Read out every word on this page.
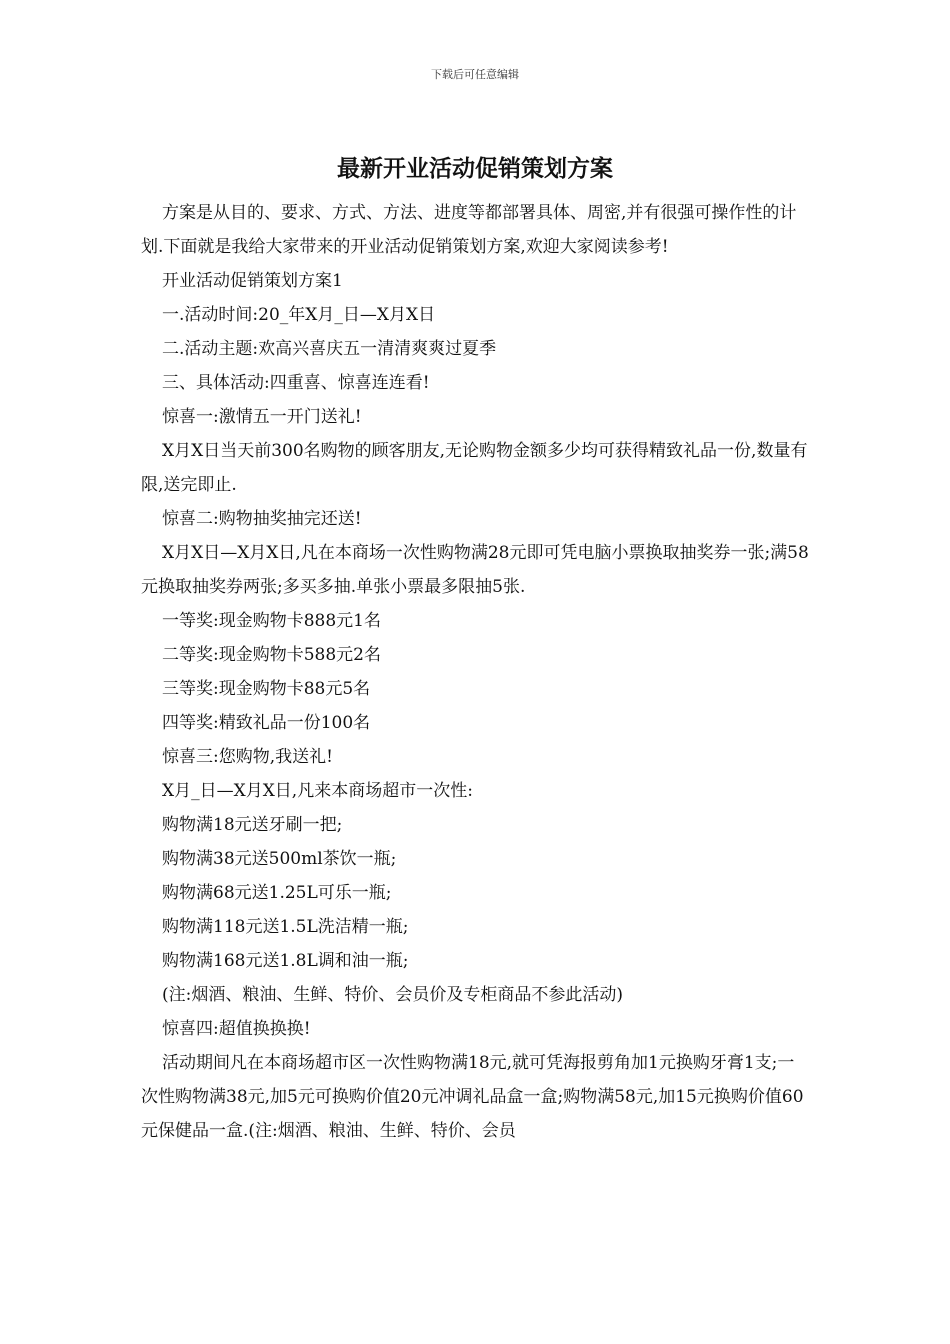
下载后可任意编辑
最新开业活动促销策划方案

方案是从目的、要求、方式、方法、进度等都部署具体、周密,并有很强可操作性的计划.下面就是我给大家带来的开业活动促销策划方案,欢迎大家阅读参考!

开业活动促销策划方案1

一.活动时间:20_年X月_日—X月X日

二.活动主题:欢高兴喜庆五一清清爽爽过夏季

三、具体活动:四重喜、惊喜连连看!

惊喜一:激情五一开门送礼!

X月X日当天前300名购物的顾客朋友,无论购物金额多少均可获得精致礼品一份,数量有限,送完即止.

惊喜二:购物抽奖抽完还送!

X月X日—X月X日,凡在本商场一次性购物满28元即可凭电脑小票换取抽奖券一张;满58元换取抽奖券两张;多买多抽.单张小票最多限抽5张.

一等奖:现金购物卡888元1名

二等奖:现金购物卡588元2名

三等奖:现金购物卡88元5名

四等奖:精致礼品一份100名

惊喜三:您购物,我送礼!

X月_日—X月X日,凡来本商场超市一次性:

购物满18元送牙刷一把;

购物满38元送500ml茶饮一瓶;

购物满68元送1.25L可乐一瓶;

购物满118元送1.5L洗洁精一瓶;

购物满168元送1.8L调和油一瓶;

(注:烟酒、粮油、生鲜、特价、会员价及专柜商品不参此活动)

惊喜四:超值换换换!

活动期间凡在本商场超市区一次性购物满18元,就可凭海报剪角加1元换购牙膏1支;一次性购物满38元,加5元可换购价值20元冲调礼品盒一盒;购物满58元,加15元换购价值60元保健品一盒.(注:烟酒、粮油、生鲜、特价、会员
